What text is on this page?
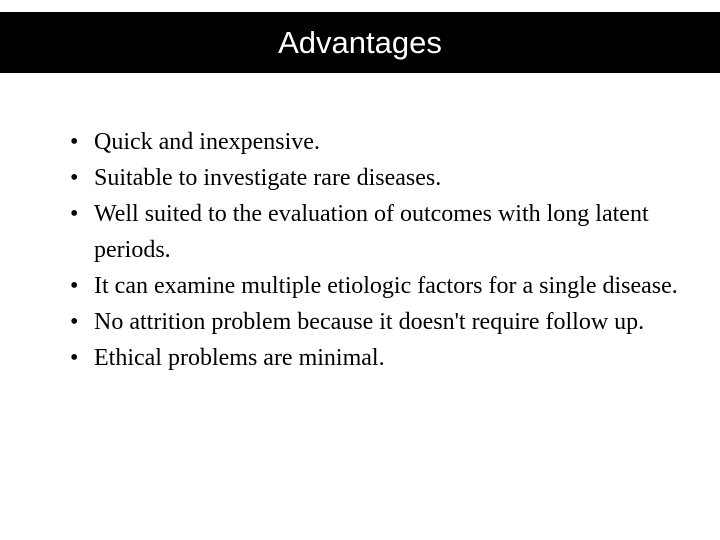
Advantages
• Quick and inexpensive.
• Suitable to investigate rare diseases.
• Well suited to the evaluation of outcomes with long latent periods.
• It can examine multiple etiologic factors for a single disease.
• No attrition problem because it doesn't require follow up.
• Ethical problems are minimal.
